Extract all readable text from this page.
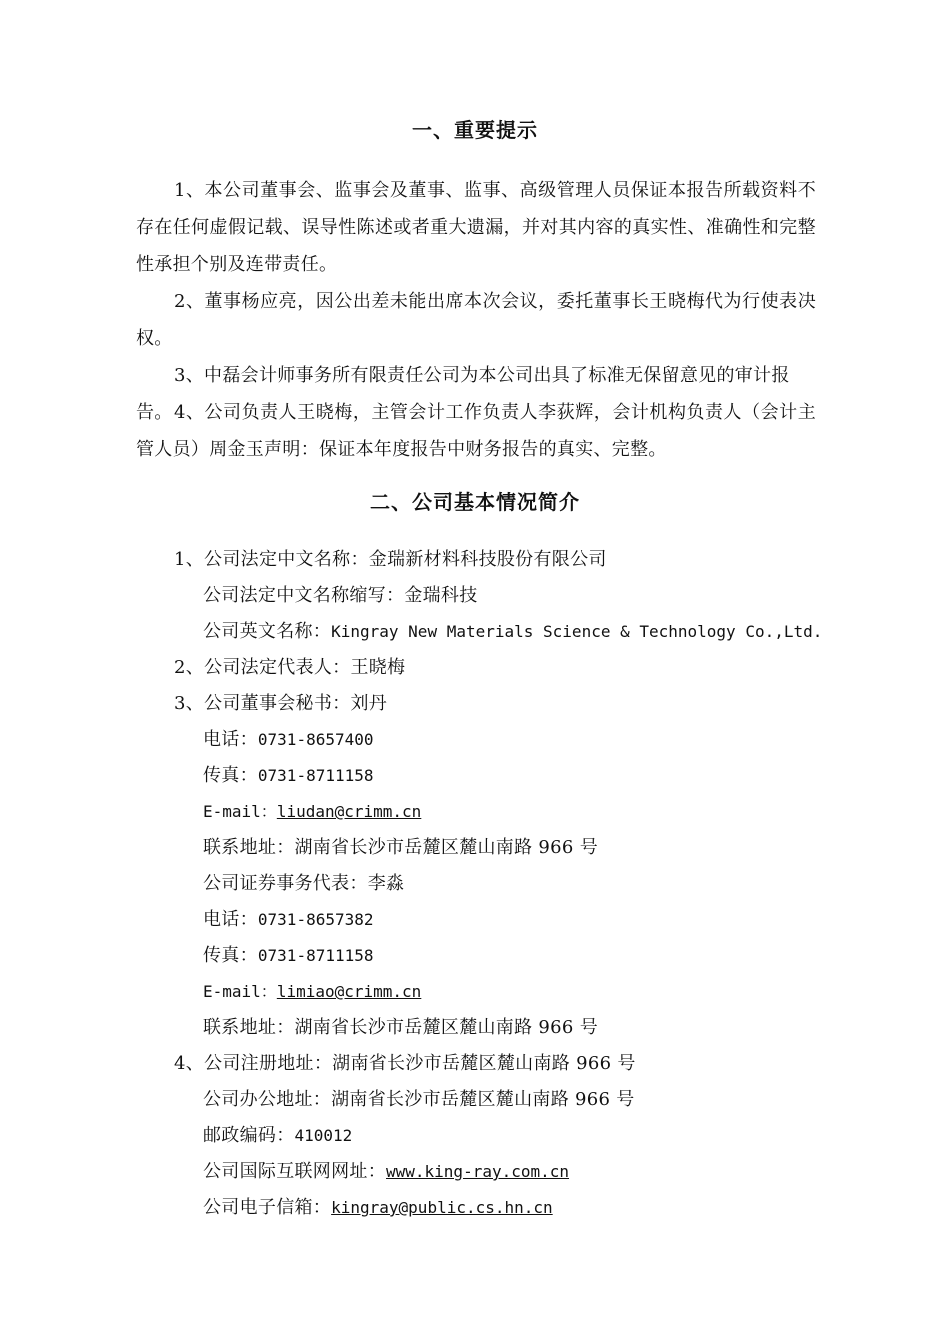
一、重要提示
1、本公司董事会、监事会及董事、监事、高级管理人员保证本报告所载资料不存在任何虚假记载、误导性陈述或者重大遗漏，并对其内容的真实性、准确性和完整性承担个别及连带责任。
2、董事杨应亮，因公出差未能出席本次会议，委托董事长王晓梅代为行使表决权。
3、中磊会计师事务所有限责任公司为本公司出具了标准无保留意见的审计报告。 4、公司负责人王晓梅，主管会计工作负责人李荻辉，会计机构负责人（会计主管人员）周金玉声明：保证本年度报告中财务报告的真实、完整。
二、公司基本情况简介
1、公司法定中文名称：金瑞新材料科技股份有限公司
公司法定中文名称缩写：金瑞科技
公司英文名称：Kingray New Materials Science & Technology Co.,Ltd.
2、公司法定代表人：王晓梅
3、公司董事会秘书：刘丹
电话：0731-8657400
传真：0731-8711158
E-mail：liudan@crimm.cn
联系地址：湖南省长沙市岳麓区麓山南路 966 号
公司证券事务代表：李淼
电话：0731-8657382
传真：0731-8711158
E-mail：limiao@crimm.cn
联系地址：湖南省长沙市岳麓区麓山南路 966 号
4、公司注册地址：湖南省长沙市岳麓区麓山南路 966 号
公司办公地址：湖南省长沙市岳麓区麓山南路 966 号
邮政编码：410012
公司国际互联网网址：www.king-ray.com.cn
公司电子信箱：kingray@public.cs.hn.cn
